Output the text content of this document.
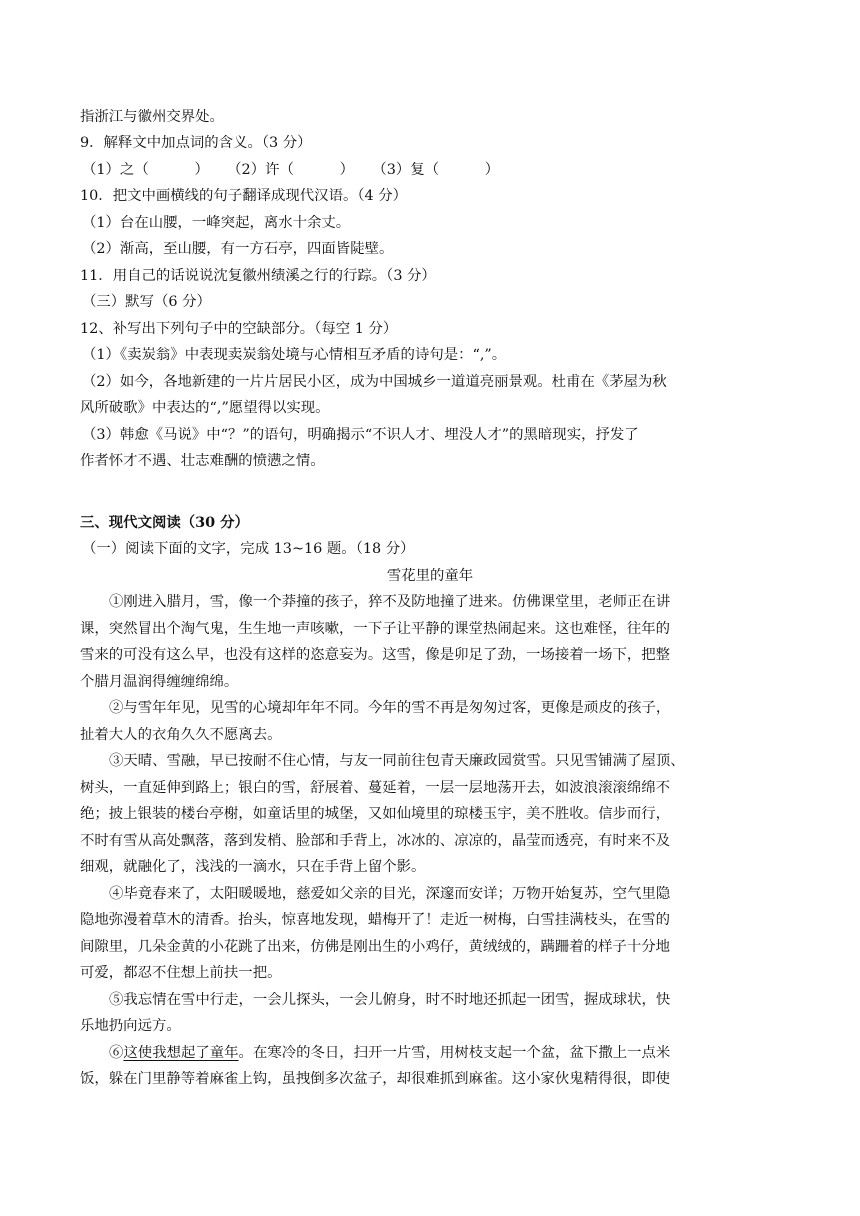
指浙江与徽州交界处。
9．解释文中加点词的含义。（3 分）
（1）之（          ）    （2）许（          ）    （3）复（          ）
10．把文中画横线的句子翻译成现代汉语。（4 分）
（1）台在山腰，一峰突起，离水十余丈。
（2）渐高，至山腰，有一方石亭，四面皆陡壁。
11．用自己的话说说沈复徽州绩溪之行的行踪。（3 分）
（三）默写（6 分）
12、补写出下列句子中的空缺部分。（每空 1 分）
（1）《卖炭翁》中表现卖炭翁处境与心情相互矛盾的诗句是：“,”。
（2）如今，各地新建的一片片居民小区，成为中国城乡一道道亮丽景观。杜甫在《茅屋为秋
风所破歌》中表达的“,”愿望得以实现。
（3）韩愈《马说》中“？”的语句，明确揭示“不识人才、埋没人才”的黑暗现实，抒发了
作者怀才不遇、壮志难酬的愤懑之情。
三、现代文阅读（30 分）
（一）阅读下面的文字，完成 13~16 题。（18 分）
雪花里的童年
①刚进入腊月，雪，像一个莽撞的孩子，猝不及防地撞了进来。仿佛课堂里，老师正在讲
课，突然冒出个淘气鬼，生生地一声咳嗽，一下子让平静的课堂热闹起来。这也难怪，往年的
雪来的可没有这么早，也没有这样的恣意妄为。这雪，像是卯足了劲，一场接着一场下，把整
个腊月温润得缠缠绵绵。
②与雪年年见，见雪的心境却年年不同。今年的雪不再是匆匆过客，更像是顽皮的孩子，
扯着大人的衣角久久不愿离去。
③天晴、雪融，早已按耐不住心情，与友一同前往包青天廉政园赏雪。只见雪铺满了屋顶、
树头，一直延伸到路上；银白的雪，舒展着、蔓延着，一层一层地荡开去，如波浪滚滚绵绵不
绝；披上银装的楼台亭榭，如童话里的城堡，又如仙境里的琼楼玉宇，美不胜收。信步而行，
不时有雪从高处飘落，落到发梢、脸部和手背上，冰冰的、凉凉的，晶莹而透亮，有时来不及
细观，就融化了，浅浅的一滴水，只在手背上留个影。
④毕竟春来了，太阳暖暖地，慈爱如父亲的目光，深邃而安详；万物开始复苏，空气里隐
隐地弥漫着草木的清香。抬头，惊喜地发现，蜡梅开了！走近一树梅，白雪挂满枝头，在雪的
间隙里，几朵金黄的小花跳了出来，仿佛是刚出生的小鸡仔，黄绒绒的，蹒跚着的样子十分地
可爱，都忍不住想上前扶一把。
⑤我忘情在雪中行走，一会儿探头，一会儿俯身，时不时地还抓起一团雪，握成球状，快
乐地扔向远方。
⑥这使我想起了童年。在寒冷的冬日，扫开一片雪，用树枝支起一个盆，盆下撒上一点米
饭，躲在门里静等着麻雀上钩，虽拽倒多次盆子，却很难抓到麻雀。这小家伙鬼精得很，即使
